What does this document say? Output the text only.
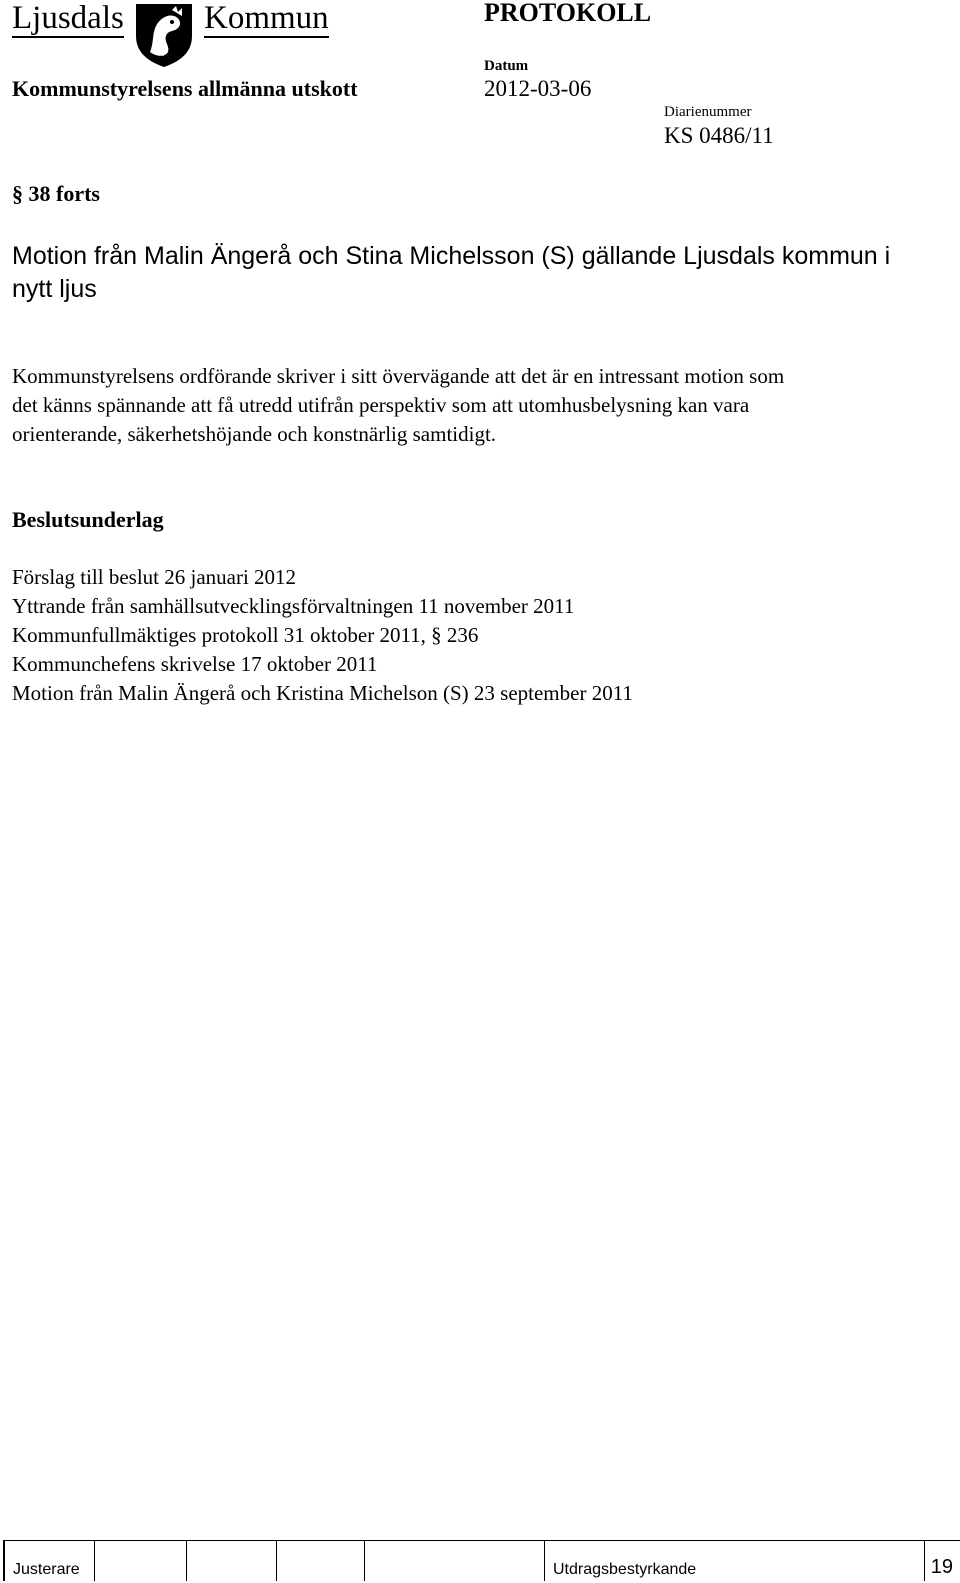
Ljusdals Kommun	PROTOKOLL
Kommunstyrelsens allmänna utskott
Datum
2012-03-06
Diarienummer
KS 0486/11
§ 38 forts
Motion från Malin Ängerå och Stina Michelsson (S) gällande Ljusdals kommun i nytt ljus
Kommunstyrelsens ordförande skriver i sitt övervägande att det är en intressant motion som det känns spännande att få utredd utifrån perspektiv som att utomhusbelysning kan vara orienterande, säkerhetshöjande och konstnärlig samtidigt.
Beslutsunderlag
Förslag till beslut 26 januari 2012
Yttrande från samhällsutvecklingsförvaltningen 11 november 2011
Kommunfullmäktiges protokoll 31 oktober 2011, § 236
Kommunchefens skrivelse 17 oktober 2011
Motion från Malin Ängerå och Kristina Michelson (S) 23 september 2011
Justerare	Utdragsbestyrkande	19
